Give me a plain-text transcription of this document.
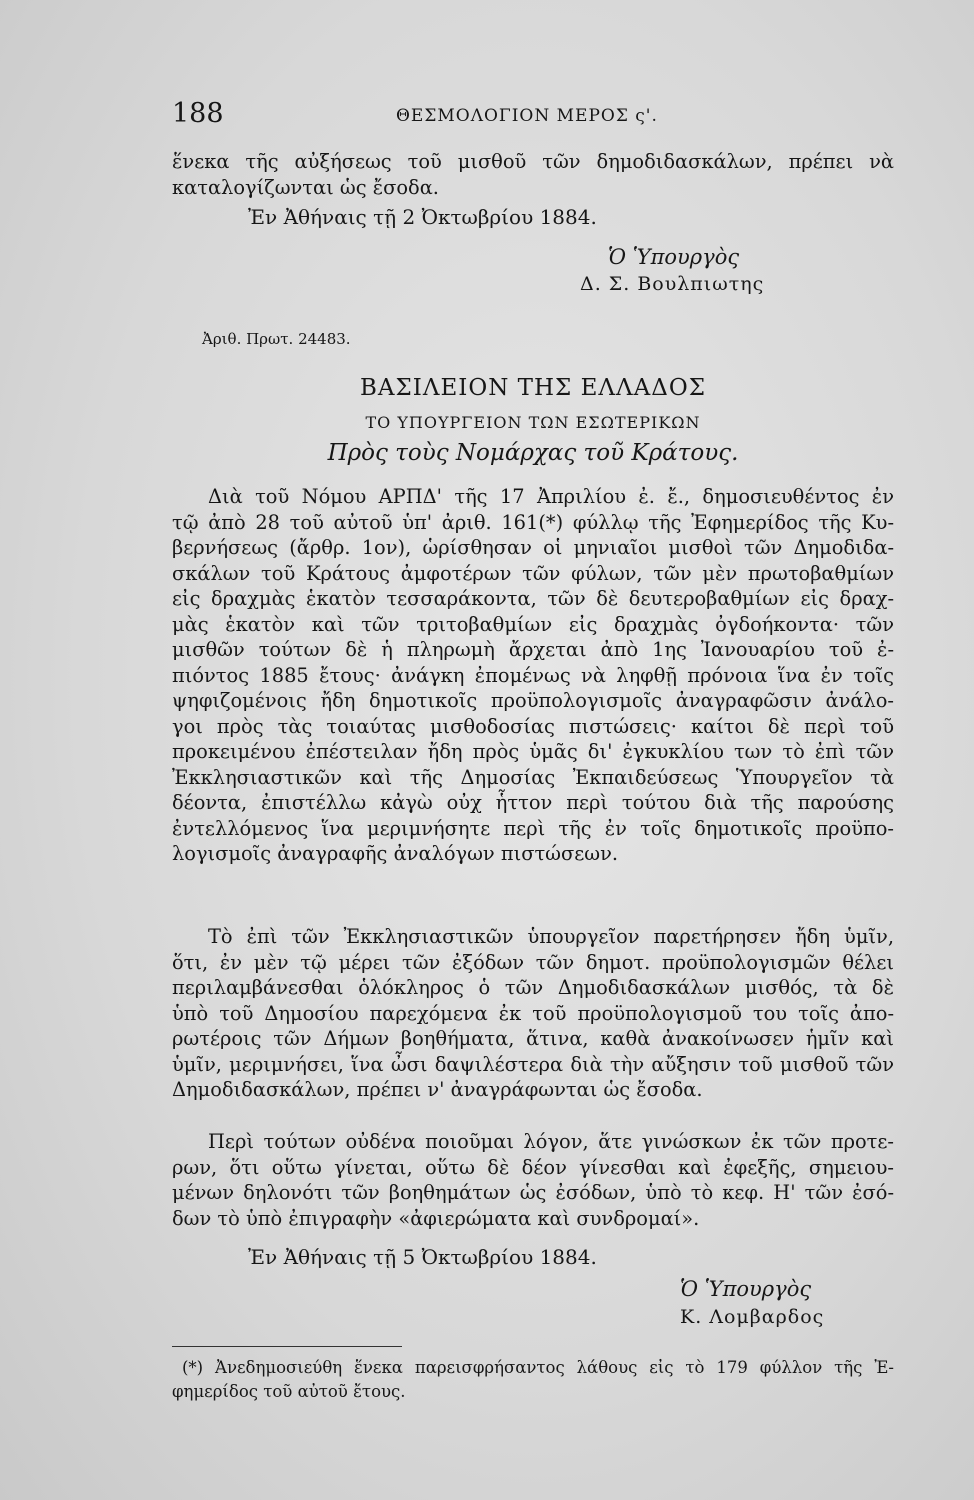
188	ΘΕΣΜΟΛΟΓΙΟΝ ΜΕΡΟΣ ς'.
ἕνεκα τῆς αὐξήσεως τοῦ μισθοῦ τῶν δημοδιδασκάλων, πρέπει νὰ
καταλογίζωνται ὡς ἔσοδα.
Ἐν Ἀθήναις τῇ 2 Ὀκτωβρίου 1884.
Ὁ Ὑπουργὸς
Δ. Σ. Βουλπιωτης
Ἀριθ. Πρωτ. 24483.
ΒΑΣΙΛΕΙΟΝ ΤΗΣ ΕΛΛΑΔΟΣ
ΤΟ ΥΠΟΥΡΓΕΙΟΝ ΤΩΝ ΕΣΩΤΕΡΙΚΩΝ
Πρὸς τοὺς Νομάρχας τοῦ Κράτους.
Διὰ τοῦ Νόμου ΑΡΠΔ' τῆς 17 Ἀπριλίου ἐ. ἔ., δημοσιευθέντος ἐν
τῷ ἀπὸ 28 τοῦ αὐτοῦ ὑπ' ἀριθ. 161(*) φύλλῳ τῆς Ἐφημερίδος τῆς Κυ-
βερνήσεως (ἄρθρ. 1ον), ὡρίσθησαν οἱ μηνιαῖοι μισθοὶ τῶν Δημοδιδα-
σκάλων τοῦ Κράτους ἀμφοτέρων τῶν φύλων, τῶν μὲν πρωτοβαθμίων
εἰς δραχμὰς ἑκατὸν τεσσαράκοντα, τῶν δὲ δευτεροβαθμίων εἰς δραχ-
μὰς ἑκατὸν καὶ τῶν τριτοβαθμίων εἰς δραχμὰς ὀγδοήκοντα· τῶν
μισθῶν τούτων δὲ ἡ πληρωμὴ ἄρχεται ἀπὸ 1ης Ἰανουαρίου τοῦ ἐ-
πιόντος 1885 ἔτους· ἀνάγκη ἐπομένως νὰ ληφθῇ πρόνοια ἵνα ἐν τοῖς
ψηφιζομένοις ἤδη δημοτικοῖς προϋπολογισμοῖς ἀναγραφῶσιν ἀνάλο-
γοι πρὸς τὰς τοιαύτας μισθοδοσίας πιστώσεις· καίτοι δὲ περὶ τοῦ
προκειμένου ἐπέστειλαν ἤδη πρὸς ὑμᾶς δι' ἐγκυκλίου των τὸ ἐπὶ τῶν
Ἐκκλησιαστικῶν καὶ τῆς Δημοσίας Ἐκπαιδεύσεως Ὑπουργεῖον τὰ
δέοντα, ἐπιστέλλω κἀγὼ οὐχ ἧττον περὶ τούτου διὰ τῆς παρούσης
ἐντελλόμενος ἵνα μεριμνήσητε περὶ τῆς ἐν τοῖς δημοτικοῖς προϋπο-
λογισμοῖς ἀναγραφῆς ἀναλόγων πιστώσεων.
Τὸ ἐπὶ τῶν Ἐκκλησιαστικῶν ὑπουργεῖον παρετήρησεν ἤδη ὑμῖν,
ὅτι, ἐν μὲν τῷ μέρει τῶν ἐξόδων τῶν δημοτ. προϋπολογισμῶν θέλει
περιλαμβάνεσθαι ὁλόκληρος ὁ τῶν Δημοδιδασκάλων μισθός, τὰ δὲ
ὑπὸ τοῦ Δημοσίου παρεχόμενα ἐκ τοῦ προϋπολογισμοῦ του τοῖς ἀπο-
ρωτέροις τῶν Δήμων βοηθήματα, ἅτινα, καθὰ ἀνακοίνωσεν ἡμῖν καὶ
ὑμῖν, μεριμνήσει, ἵνα ὦσι δαψιλέστερα διὰ τὴν αὔξησιν τοῦ μισθοῦ τῶν
Δημοδιδασκάλων, πρέπει ν' ἀναγράφωνται ὡς ἔσοδα.
Περὶ τούτων οὐδένα ποιοῦμαι λόγον, ἅτε γινώσκων ἐκ τῶν προτε-
ρων, ὅτι οὕτω γίνεται, οὕτω δὲ δέον γίνεσθαι καὶ ἐφεξῆς, σημειου-
μένων δηλονότι τῶν βοηθημάτων ὡς ἐσόδων, ὑπὸ τὸ κεφ. Η' τῶν ἐσό-
δων τὸ ὑπὸ ἐπιγραφὴν «ἀφιερώματα καὶ συνδρομαί».
Ἐν Ἀθήναις τῇ 5 Ὀκτωβρίου 1884.
Ὁ Ὑπουργὸς
Κ. Λομβαρδος
(*) Ἀνεδημοσιεύθη ἕνεκα παρεισφρήσαντος λάθους εἰς τὸ 179 φύλλον τῆς Ἐ-
φημερίδος τοῦ αὐτοῦ ἔτους.
